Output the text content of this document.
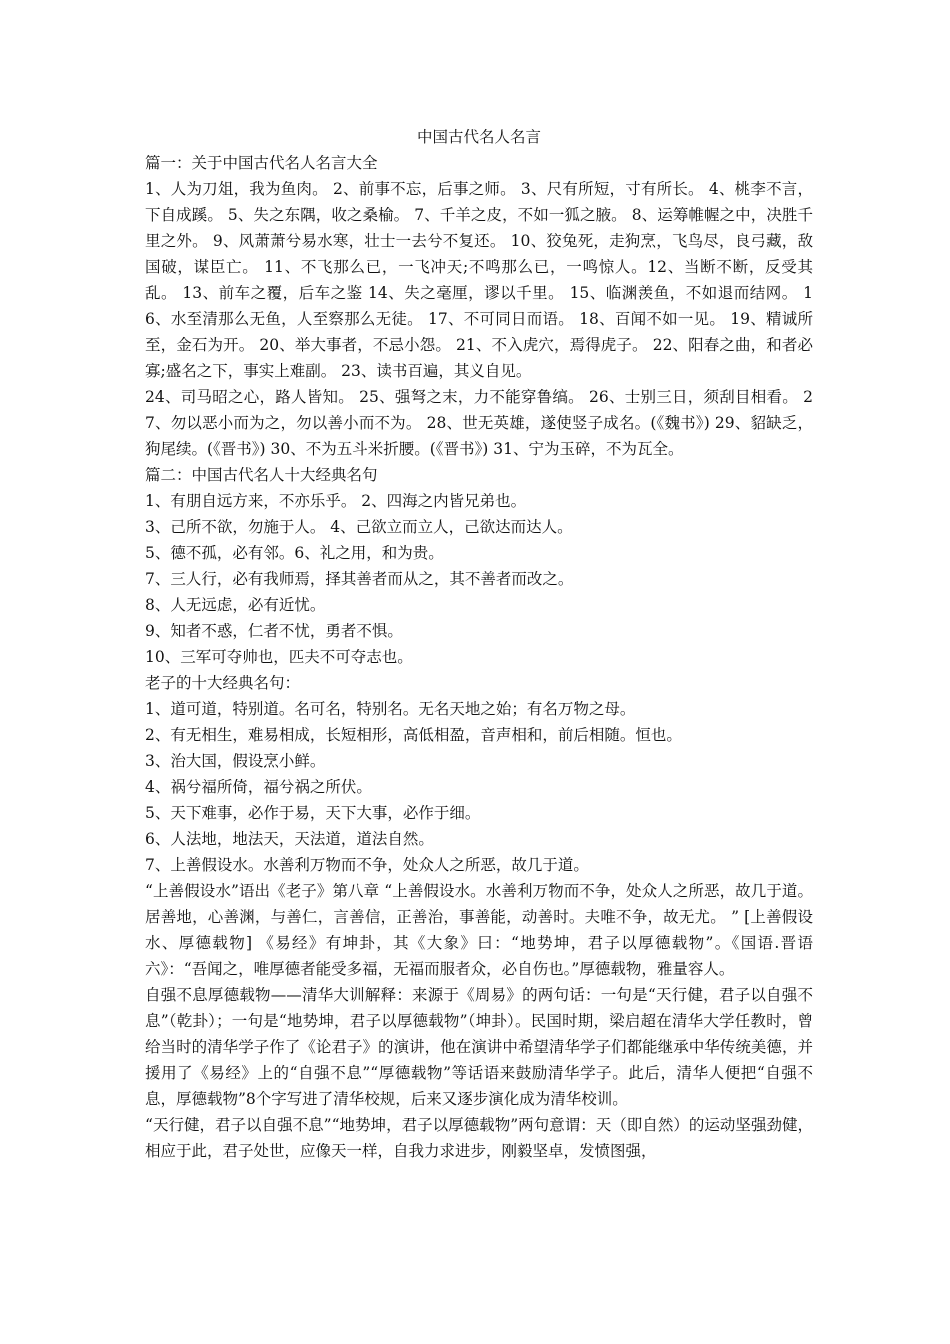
中国古代名人名言
篇一：关于中国古代名人名言大全
1、人为刀俎，我为鱼肉。 2、前事不忘，后事之师。 3、尺有所短，寸有所长。 4、桃李不言，下自成蹊。 5、失之东隅，收之桑榆。 7、千羊之皮，不如一狐之腋。 8、运筹帷幄之中，决胜千里之外。 9、风萧萧兮易水寒，壮士一去兮不复还。 10、狡兔死，走狗烹，飞鸟尽，良弓藏，敌国破，谋臣亡。 11、不飞那么已，一飞冲天;不鸣那么已，一鸣惊人。12、当断不断，反受其乱。 13、前车之覆，后车之鉴 14、失之毫厘，谬以千里。 15、临渊羡鱼，不如退而结网。 16、水至清那么无鱼，人至察那么无徒。 17、不可同日而语。 18、百闻不如一见。 19、精诚所至，金石为开。 20、举大事者，不忌小怨。 21、不入虎穴，焉得虎子。 22、阳春之曲，和者必寡;盛名之下，事实上难副。 23、读书百遍，其义自见。
24、司马昭之心，路人皆知。 25、强弩之末，力不能穿鲁缟。 26、士别三日，须刮目相看。 27、勿以恶小而为之，勿以善小而不为。 28、世无英雄，遂使竖子成名。(《魏书》) 29、貂缺乏，狗尾续。(《晋书》) 30、不为五斗米折腰。(《晋书》) 31、宁为玉碎，不为瓦全。
篇二：中国古代名人十大经典名句
1、有朋自远方来，不亦乐乎。 2、四海之内皆兄弟也。
3、己所不欲，勿施于人。 4、己欲立而立人，己欲达而达人。
5、德不孤，必有邻。6、礼之用，和为贵。
7、三人行，必有我师焉，择其善者而从之，其不善者而改之。
8、人无远虑，必有近忧。
9、知者不惑，仁者不忧，勇者不惧。
10、三军可夺帅也，匹夫不可夺志也。
老子的十大经典名句：
1、道可道，特别道。名可名，特别名。无名天地之始；有名万物之母。
2、有无相生，难易相成，长短相形，高低相盈，音声相和，前后相随。恒也。
3、治大国，假设烹小鲜。
4、祸兮福所倚，福兮祸之所伏。
5、天下难事，必作于易，天下大事，必作于细。
6、人法地，地法天，天法道，道法自然。
7、上善假设水。水善利万物而不争，处众人之所恶，故几于道。
“上善假设水”语出《老子》第八章 “上善假设水。水善利万物而不争，处众人之所恶，故几于道。 居善地，心善渊，与善仁，言善信，正善治，事善能，动善时。夫唯不争，故无尤。 ” [上善假设水、厚德载物] 《易经》有坤卦，其《大象》曰：“地势坤，君子以厚德载物”。《国语.晋语六》：“吾闻之，唯厚德者能受多福，无福而服者众，必自伤也。”厚德载物，雅量容人。
自强不息厚德载物——清华大训解释：来源于《周易》的两句话：一句是“天行健，君子以自强不息”（乾卦）；一句是“地势坤，君子以厚德载物”（坤卦）。民国时期，梁启超在清华大学任教时，曾给当时的清华学子作了《论君子》的演讲，他在演讲中希望清华学子们都能继承中华传统美德，并援用了《易经》上的“自强不息”“厚德载物”等话语来鼓励清华学子。此后，清华人便把“自强不息，厚德载物”8个字写进了清华校规，后来又逐步演化成为清华校训。
“天行健，君子以自强不息”“地势坤，君子以厚德载物”两句意谓：天（即自然）的运动坚强劲健，相应于此，君子处世，应像天一样，自我力求进步，刚毅坚卓，发愤图强，
